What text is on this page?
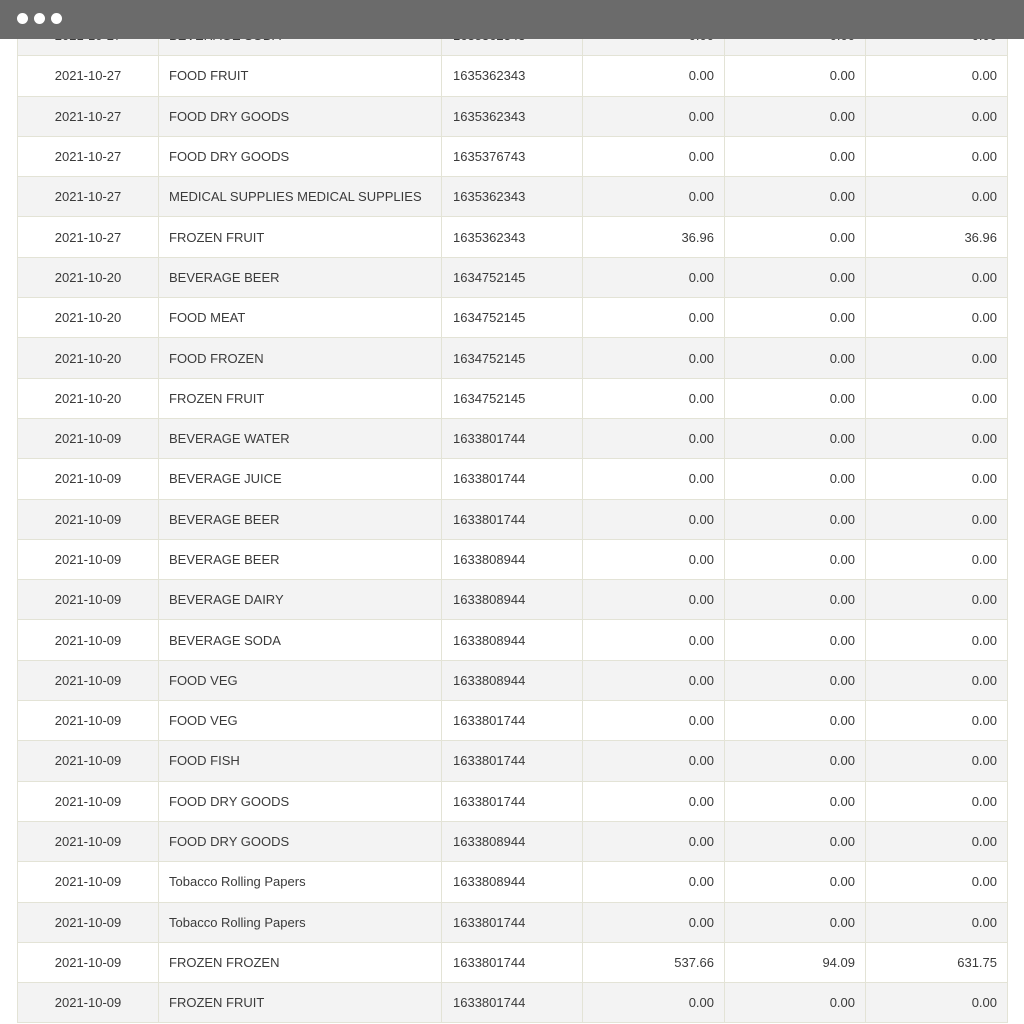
2021-10-27	FOOD FRUIT	1635362343	0.00	0.00	0.00
2021-10-27	FOOD DRY GOODS	1635362343	0.00	0.00	0.00
2021-10-27	FOOD DRY GOODS	1635376743	0.00	0.00	0.00
2021-10-27	MEDICAL SUPPLIES MEDICAL SUPPLIES	1635362343	0.00	0.00	0.00
2021-10-27	FROZEN FRUIT	1635362343	36.96	0.00	36.96
2021-10-20	BEVERAGE BEER	1634752145	0.00	0.00	0.00
2021-10-20	FOOD MEAT	1634752145	0.00	0.00	0.00
2021-10-20	FOOD FROZEN	1634752145	0.00	0.00	0.00
2021-10-20	FROZEN FRUIT	1634752145	0.00	0.00	0.00
2021-10-09	BEVERAGE WATER	1633801744	0.00	0.00	0.00
2021-10-09	BEVERAGE JUICE	1633801744	0.00	0.00	0.00
2021-10-09	BEVERAGE BEER	1633801744	0.00	0.00	0.00
2021-10-09	BEVERAGE BEER	1633808944	0.00	0.00	0.00
2021-10-09	BEVERAGE DAIRY	1633808944	0.00	0.00	0.00
2021-10-09	BEVERAGE SODA	1633808944	0.00	0.00	0.00
2021-10-09	FOOD VEG	1633808944	0.00	0.00	0.00
2021-10-09	FOOD VEG	1633801744	0.00	0.00	0.00
2021-10-09	FOOD FISH	1633801744	0.00	0.00	0.00
2021-10-09	FOOD DRY GOODS	1633801744	0.00	0.00	0.00
2021-10-09	FOOD DRY GOODS	1633808944	0.00	0.00	0.00
2021-10-09	Tobacco Rolling Papers	1633808944	0.00	0.00	0.00
2021-10-09	Tobacco Rolling Papers	1633801744	0.00	0.00	0.00
2021-10-09	FROZEN FROZEN	1633801744	537.66	94.09	631.75
2021-10-09	FROZEN FRUIT	1633801744	0.00	0.00	0.00
